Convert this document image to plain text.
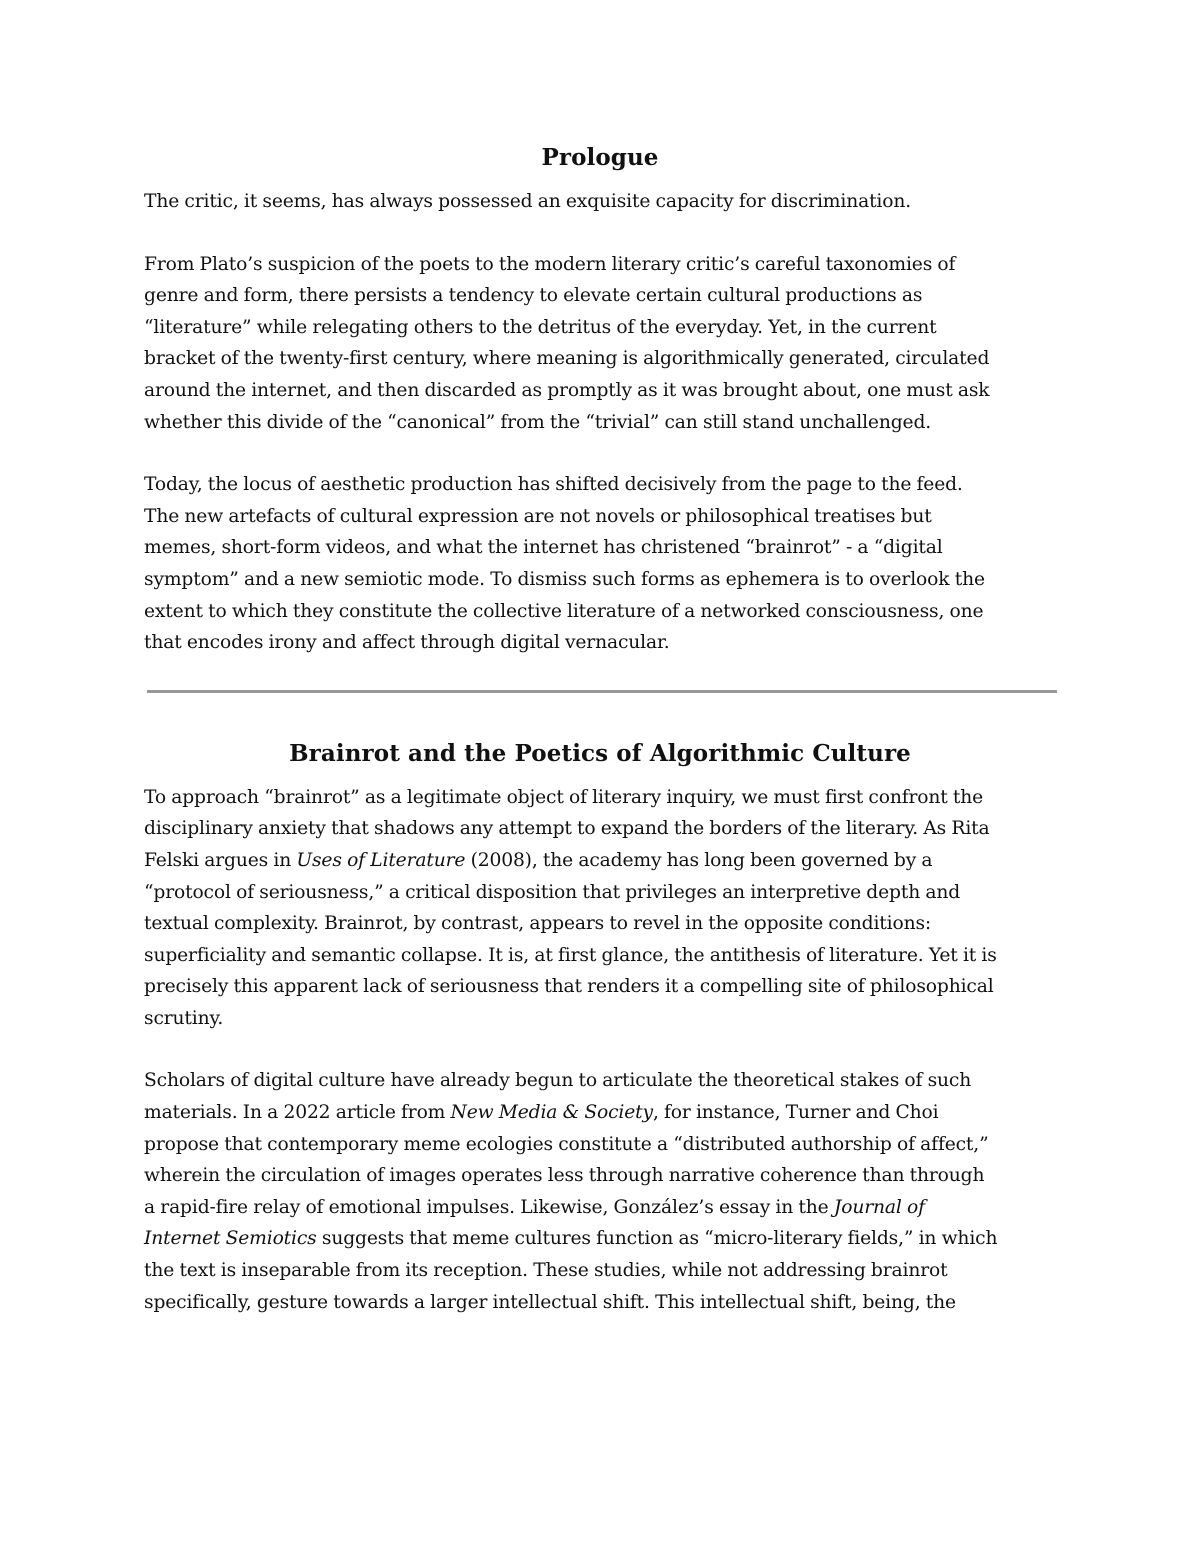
Prologue

The critic, it seems, has always possessed an exquisite capacity for discrimination.

From Plato’s suspicion of the poets to the modern literary critic’s careful taxonomies of
genre and form, there persists a tendency to elevate certain cultural productions as
“literature” while relegating others to the detritus of the everyday. Yet, in the current
bracket of the twenty-first century, where meaning is algorithmically generated, circulated
around the internet, and then discarded as promptly as it was brought about, one must ask
whether this divide of the “canonical” from the “trivial” can still stand unchallenged.

Today, the locus of aesthetic production has shifted decisively from the page to the feed.
The new artefacts of cultural expression are not novels or philosophical treatises but
memes, short-form videos, and what the internet has christened “brainrot” - a “digital
symptom” and a new semiotic mode. To dismiss such forms as ephemera is to overlook the
extent to which they constitute the collective literature of a networked consciousness, one
that encodes irony and affect through digital vernacular.

Brainrot and the Poetics of Algorithmic Culture

To approach “brainrot” as a legitimate object of literary inquiry, we must first confront the
disciplinary anxiety that shadows any attempt to expand the borders of the literary. As Rita
Felski argues in Uses of Literature (2008), the academy has long been governed by a
“protocol of seriousness,” a critical disposition that privileges an interpretive depth and
textual complexity. Brainrot, by contrast, appears to revel in the opposite conditions:
superficiality and semantic collapse. It is, at first glance, the antithesis of literature. Yet it is
precisely this apparent lack of seriousness that renders it a compelling site of philosophical
scrutiny.

Scholars of digital culture have already begun to articulate the theoretical stakes of such
materials. In a 2022 article from New Media & Society, for instance, Turner and Choi
propose that contemporary meme ecologies constitute a “distributed authorship of affect,”
wherein the circulation of images operates less through narrative coherence than through
a rapid-fire relay of emotional impulses. Likewise, González’s essay in the Journal of
Internet Semiotics suggests that meme cultures function as “micro-literary fields,” in which
the text is inseparable from its reception. These studies, while not addressing brainrot
specifically, gesture towards a larger intellectual shift. This intellectual shift, being, the
